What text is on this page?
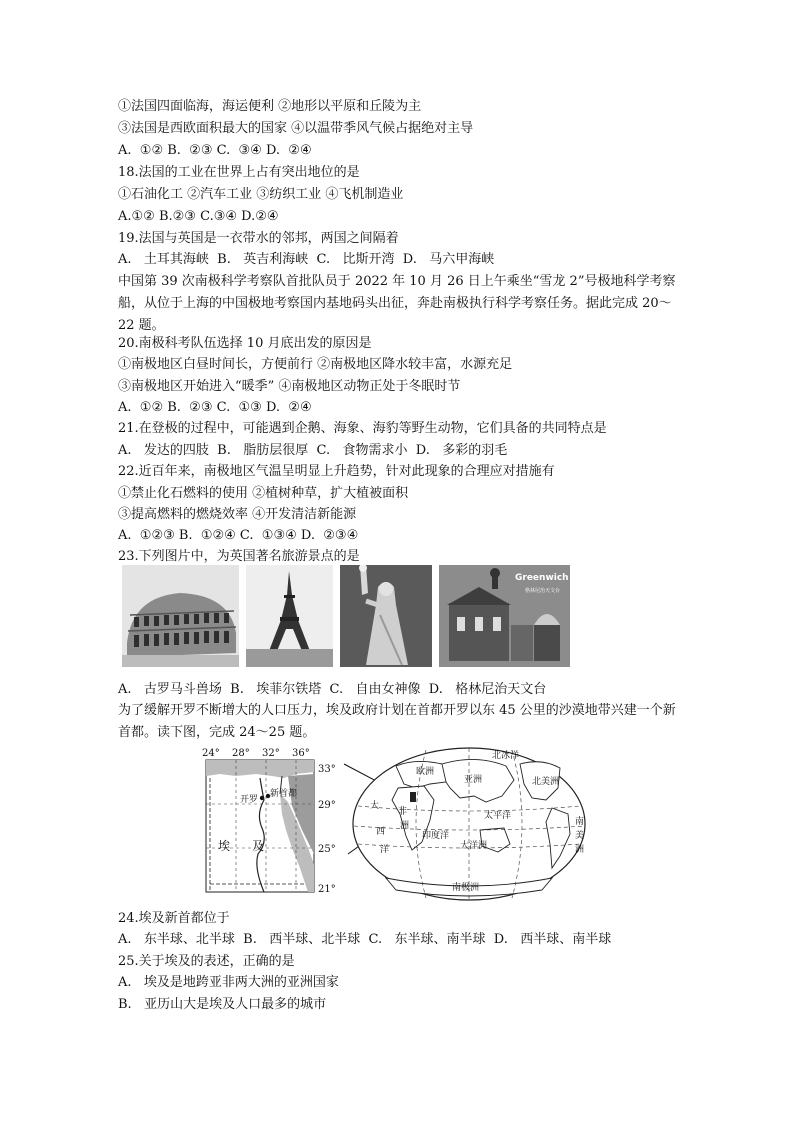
①法国四面临海，海运便利 ②地形以平原和丘陵为主

③法国是西欧面积最大的国家 ④以温带季风气候占据绝对主导

A.  ①② B.  ②③ C.  ③④ D.  ②④

18.法国的工业在世界上占有突出地位的是

①石油化工 ②汽车工业 ③纺织工业 ④飞机制造业

A.①② B.②③ C.③④ D.②④

19.法国与英国是一衣带水的邻邦，两国之间隔着

A.   土耳其海峡  B.   英吉利海峡  C.   比斯开湾  D.   马六甲海峡

中国第 39 次南极科学考察队首批队员于 2022 年 10 月 26 日上午乘坐“雪龙 2”号极地科学考察船，从位于上海的中国极地考察国内基地码头出征，奔赴南极执行科学考察任务。据此完成 20～22 题。

20.南极科考队伍选择 10 月底出发的原因是

①南极地区白昼时间长，方便前行 ②南极地区降水较丰富，水源充足

③南极地区开始进入“暖季” ④南极地区动物正处于冬眠时节

A.  ①② B.  ②③ C.  ①③ D.  ②④

21.在登极的过程中，可能遇到企鹅、海象、海豹等野生动物，它们具备的共同特点是

A.   发达的四肢  B.   脂肪层很厚  C.   食物需求小  D.   多彩的羽毛

22.近百年来，南极地区气温呈明显上升趋势，针对此现象的合理应对措施有

①禁止化石燃料的使用 ②植树种草，扩大植被面积

③提高燃料的燃烧效率 ④开发清洁新能源

A.  ①②③ B.  ①②④ C.  ①③④ D.  ②③④

23.下列图片中，为英国著名旅游景点的是

Greenwich
格林尼治天文台

A.   古罗马斗兽场  B.   埃菲尔铁塔  C.   自由女神像  D.   格林尼治天文台

为了缓解开罗不断增大的人口压力，埃及政府计划在首都开罗以东 45 公里的沙漠地带兴建一个新首都。读下图，完成 24～25 题。

24° 28° 32° 36°
33°
29°
25°
21°
开罗
新首都
埃 及
北冰洋
欧洲
亚洲	北美洲
大
西
洋
非
洲
印度洋
太平洋
大洋洲
南
美
洲
南极洲

24.埃及新首都位于

A.   东半球、北半球  B.   西半球、北半球  C.   东半球、南半球  D.   西半球、南半球

25.关于埃及的表述，正确的是

A.   埃及是地跨亚非两大洲的亚洲国家

B.   亚历山大是埃及人口最多的城市
